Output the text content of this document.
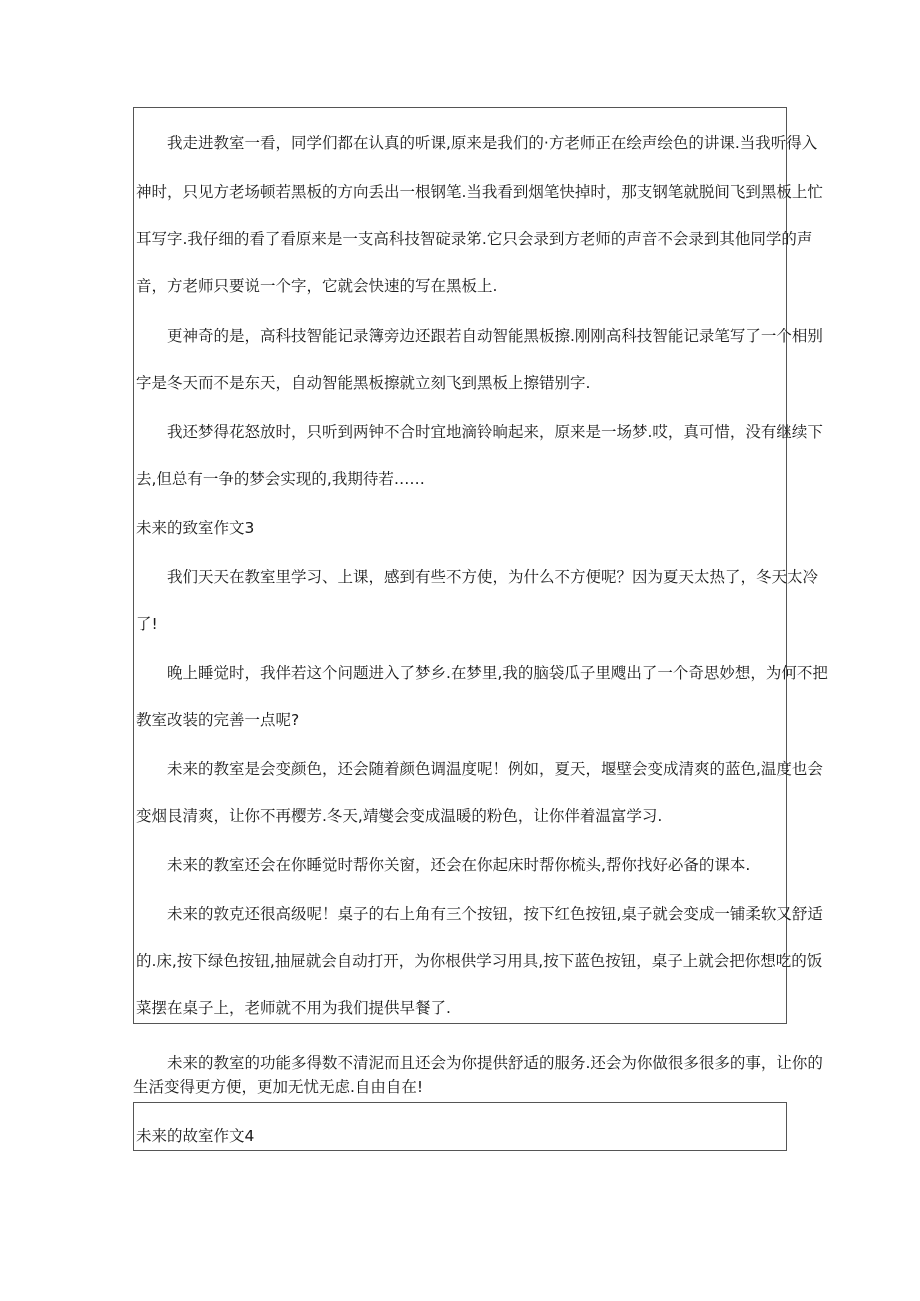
我走进教室一看，同学们都在认真的听课,原来是我们的·方老师正在绘声绘色的讲课.当我听得入
神时，只见方老场顿若黑板的方向丢出一根钢笔.当我看到烟笔快掉时，那支钢笔就脱间飞到黑板上忙
耳写字.我仔细的看了看原来是一支高科技智碇录笫.它只会录到方老师的声音不会录到其他同学的声
音，方老师只要说一个字，它就会快速的写在黑板上.
更神奇的是，高科技智能记录簿旁边还跟若自动智能黑板擦.刚刚高科技智能记录笔写了一个相别
字是冬天而不是东天，自动智能黑板擦就立刻飞到黑板上擦错别字.
我还梦得花怒放时，只听到两钟不合时宜地滴铃晌起来，原来是一场梦.哎，真可惜，没有继续下
去,但总有一争的梦会实现的,我期待若……
未来的致室作文3
我们天天在教室里学习、上课，感到有些不方使，为什么不方便呢？因为夏天太热了，冬天太冷
了!
晚上睡觉时，我伴若这个问题进入了梦乡.在梦里,我的脑袋瓜子里飕出了一个奇思妙想，为何不把
教室改装的完善一点呢?
未来的教室是会变颜色，还会随着颜色调温度呢！例如，夏天，堰壁会变成清爽的蓝色,温度也会
变烟艮清爽，让你不再樱芳.冬天,靖燮会变成温暖的粉色，让你伴着温富学习.
未来的教室还会在你睡觉时帮你关窗，还会在你起床时帮你梳头,帮你找好必备的课本.
未来的敦克还很高级呢！桌子的右上角有三个按钮，按下红色按钮,桌子就会变成一铺柔软又舒适
的.床,按下绿色按钮,抽屉就会自动打开，为你根供学习用具,按下蓝色按钮，桌子上就会把你想吃的饭
菜摆在桌子上，老师就不用为我们提供早餐了.
未来的教室的功能多得数不清泥而且还会为你提供舒适的服务.还会为你做很多很多的事，让你的
生活变得更方便，更加无忧无虑.自由自在!
未来的故室作文4
